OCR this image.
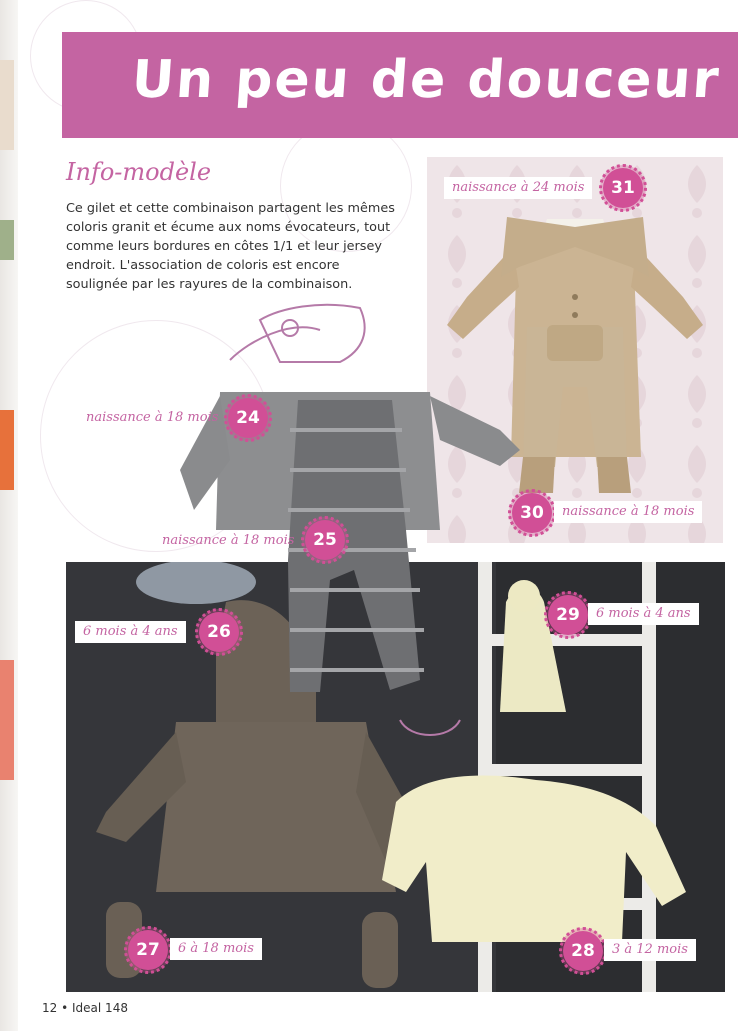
Un peu de douceur
Info-modèle
Ce gilet et cette combinaison partagent les mêmes coloris granit et écume aux noms évocateurs, tout comme leurs bordures en côtes 1/1 et leur jersey endroit. L'association de coloris est encore soulignée par les rayures de la combinaison.
naissance à 24 mois	31
naissance à 18 mois	24
naissance à 18 mois	25
30	naissance à 18 mois
6 mois à 4 ans	26
29	6 mois à 4 ans
27	6 à 18 mois	28	3 à 12 mois
12 • Ideal 148
